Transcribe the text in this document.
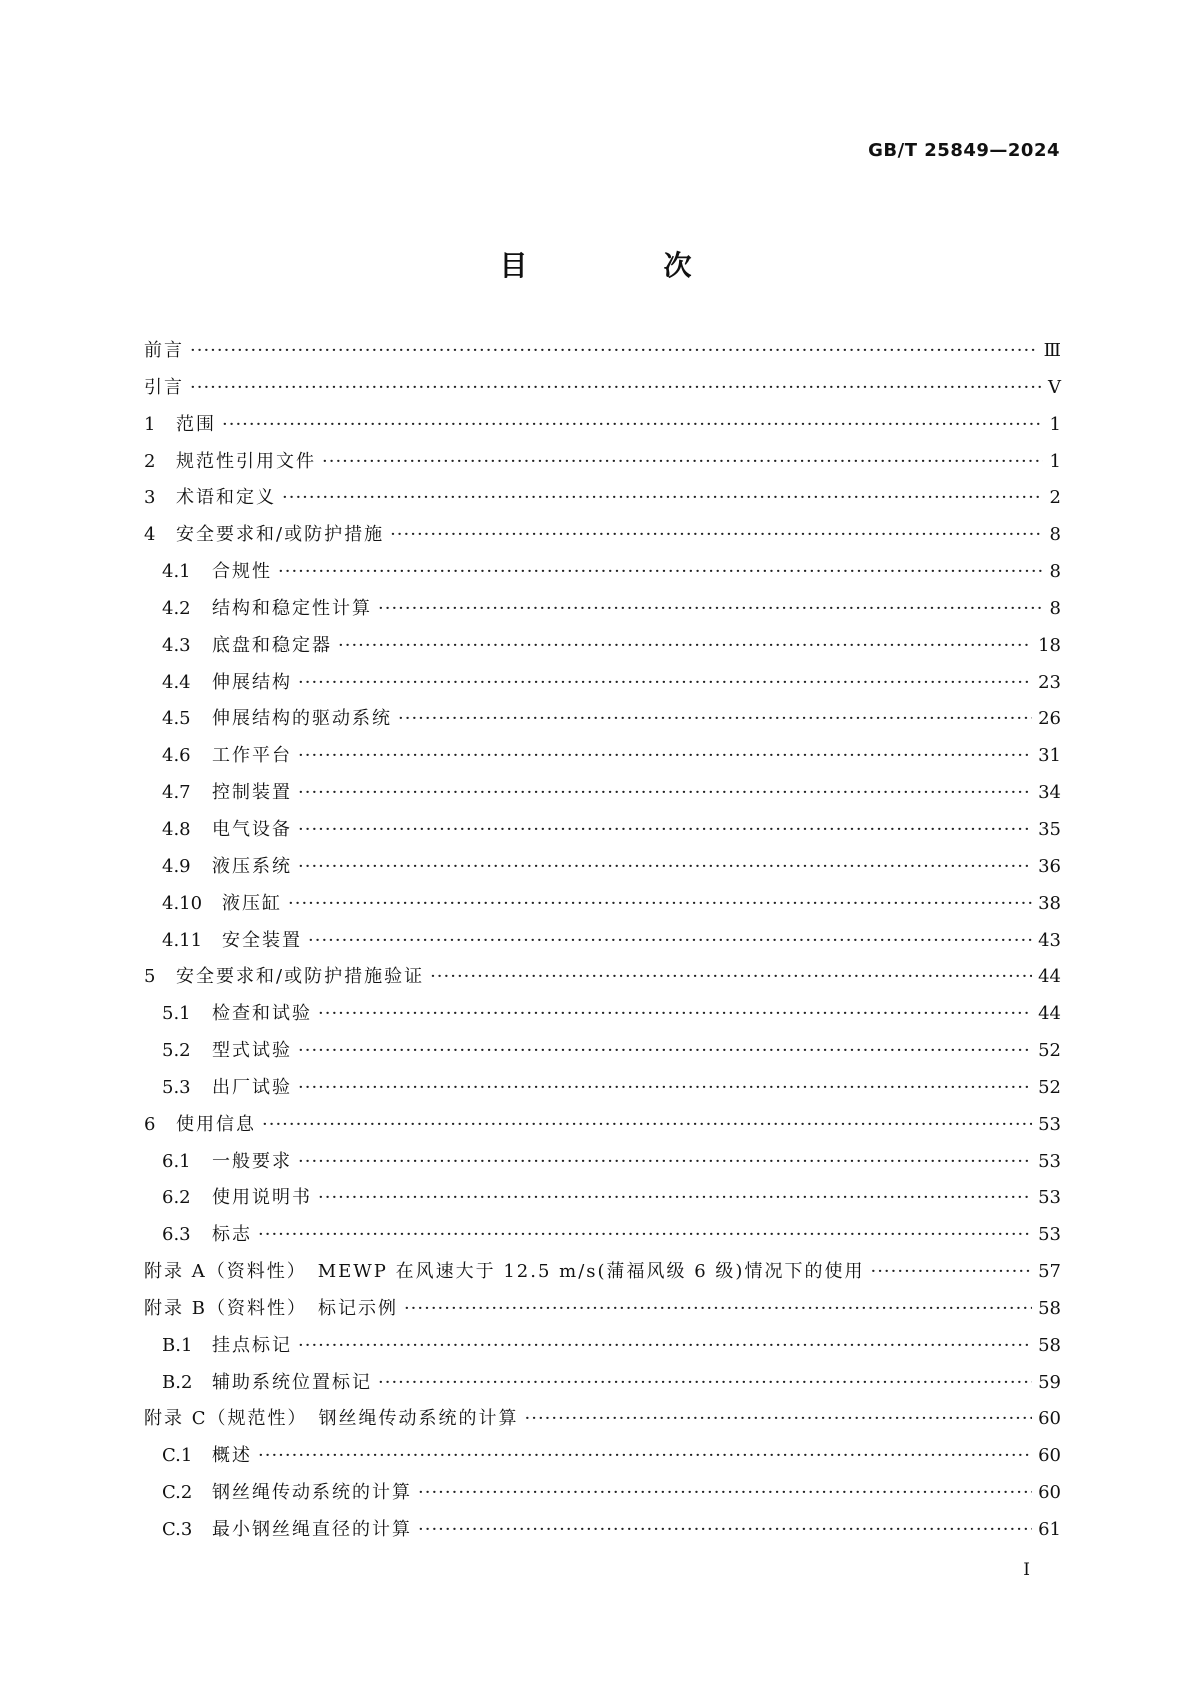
GB/T 25849—2024
目　次
前言 ·····	Ⅲ
引言 ·····	Ⅴ
1	范围 ·····	1
2	规范性引用文件 ·····	1
3	术语和定义 ·····	2
4	安全要求和/或防护措施 ·····	8
4.1	合规性 ·····	8
4.2	结构和稳定性计算 ·····	8
4.3	底盘和稳定器 ·····	18
4.4	伸展结构 ·····	23
4.5	伸展结构的驱动系统 ·····	26
4.6	工作平台 ·····	31
4.7	控制装置 ·····	34
4.8	电气设备 ·····	35
4.9	液压系统 ·····	36
4.10	液压缸 ·····	38
4.11	安全装置 ·····	43
5	安全要求和/或防护措施验证 ·····	44
5.1	检查和试验 ·····	44
5.2	型式试验 ·····	52
5.3	出厂试验 ·····	52
6	使用信息 ·····	53
6.1	一般要求 ·····	53
6.2	使用说明书 ·····	53
6.3	标志 ·····	53
附录 A（资料性）　MEWP 在风速大于 12.5 m/s(蒲福风级 6 级)情况下的使用 ·····	57
附录 B（资料性）　标记示例 ·····	58
B.1	挂点标记 ·····	58
B.2	辅助系统位置标记 ·····	59
附录 C（规范性）　钢丝绳传动系统的计算 ·····	60
C.1	概述 ·····	60
C.2	钢丝绳传动系统的计算 ·····	60
C.3	最小钢丝绳直径的计算 ·····	61
Ⅰ
